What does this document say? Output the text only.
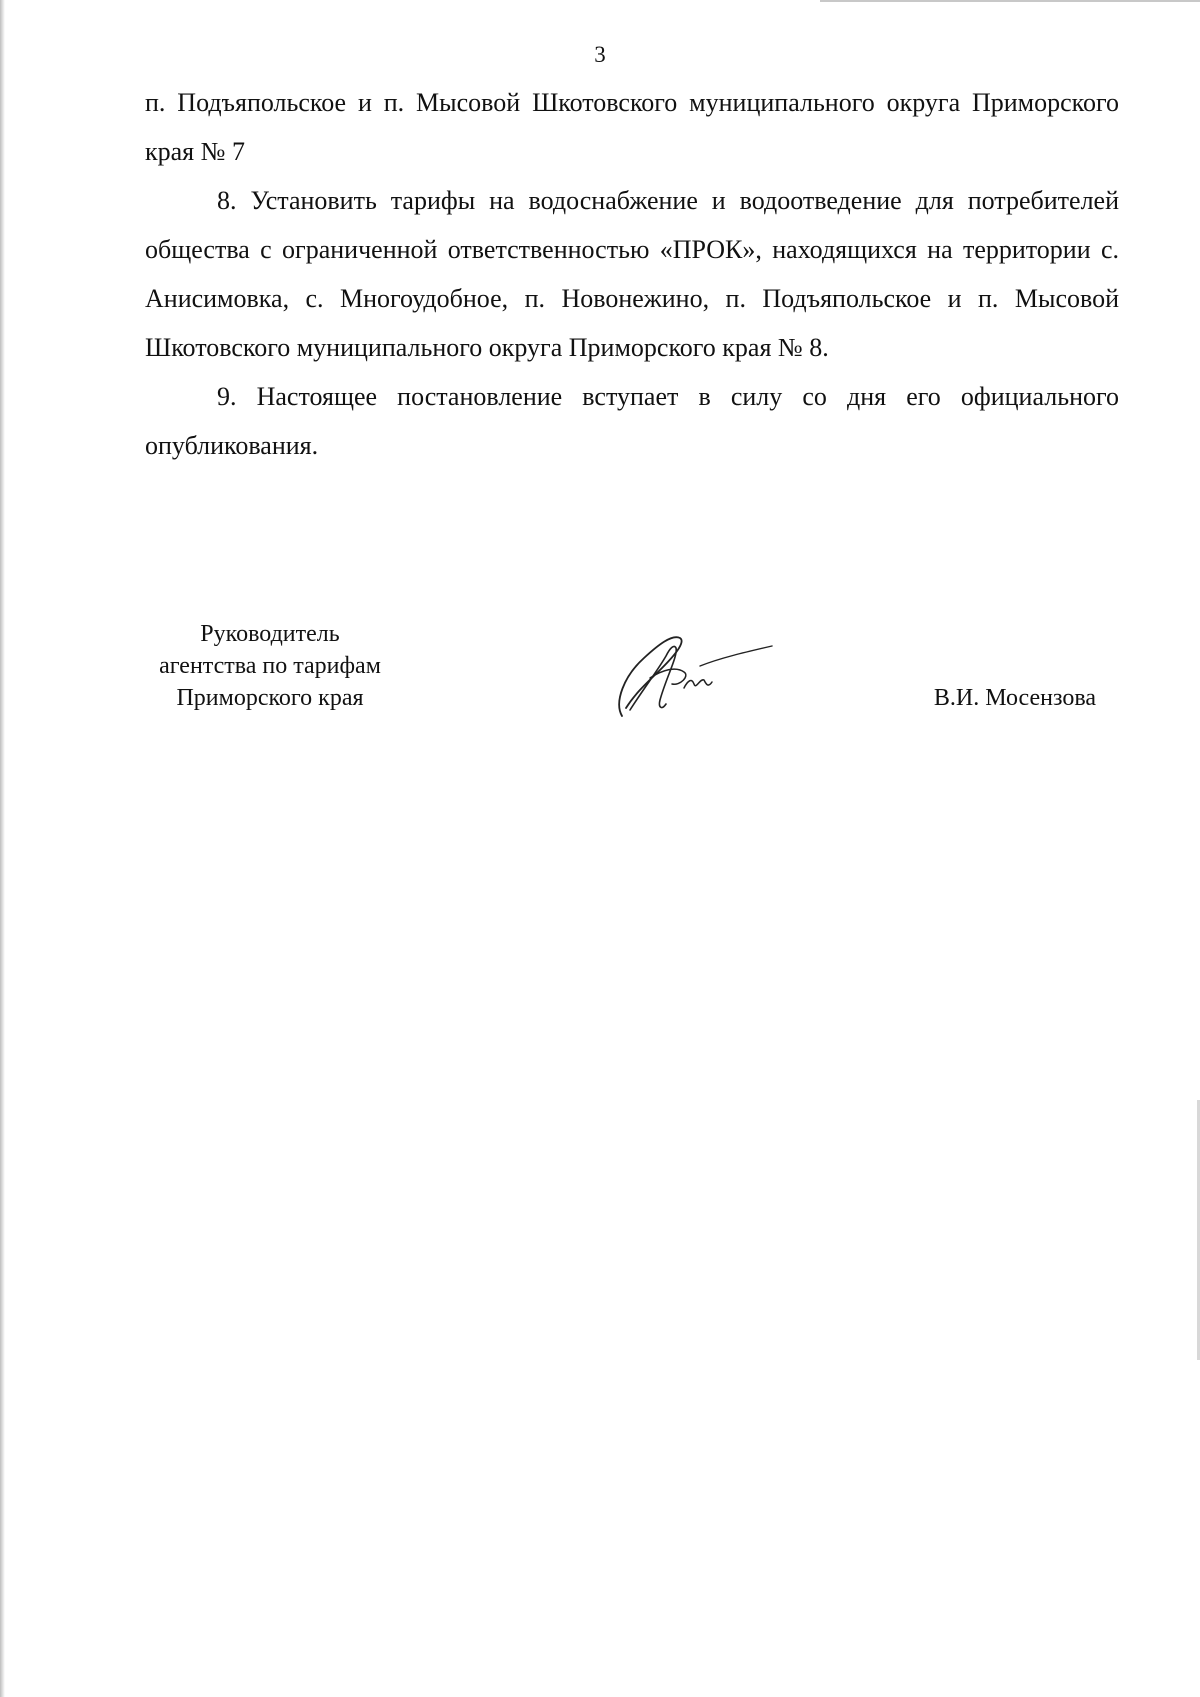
3

п. Подъяпольское и п. Мысовой Шкотовского муниципального округа Приморского края № 7

8. Установить тарифы на водоснабжение и водоотведение для потребителей общества с ограниченной ответственностью «ПРОК», находящихся на территории с. Анисимовка, с. Многоудобное, п. Новонежино, п. Подъяпольское и п. Мысовой Шкотовского муниципального округа Приморского края № 8.

9. Настоящее постановление вступает в силу со дня его официального опубликования.

Руководитель
агентства по тарифам
Приморского края	В.И. Мосензова
